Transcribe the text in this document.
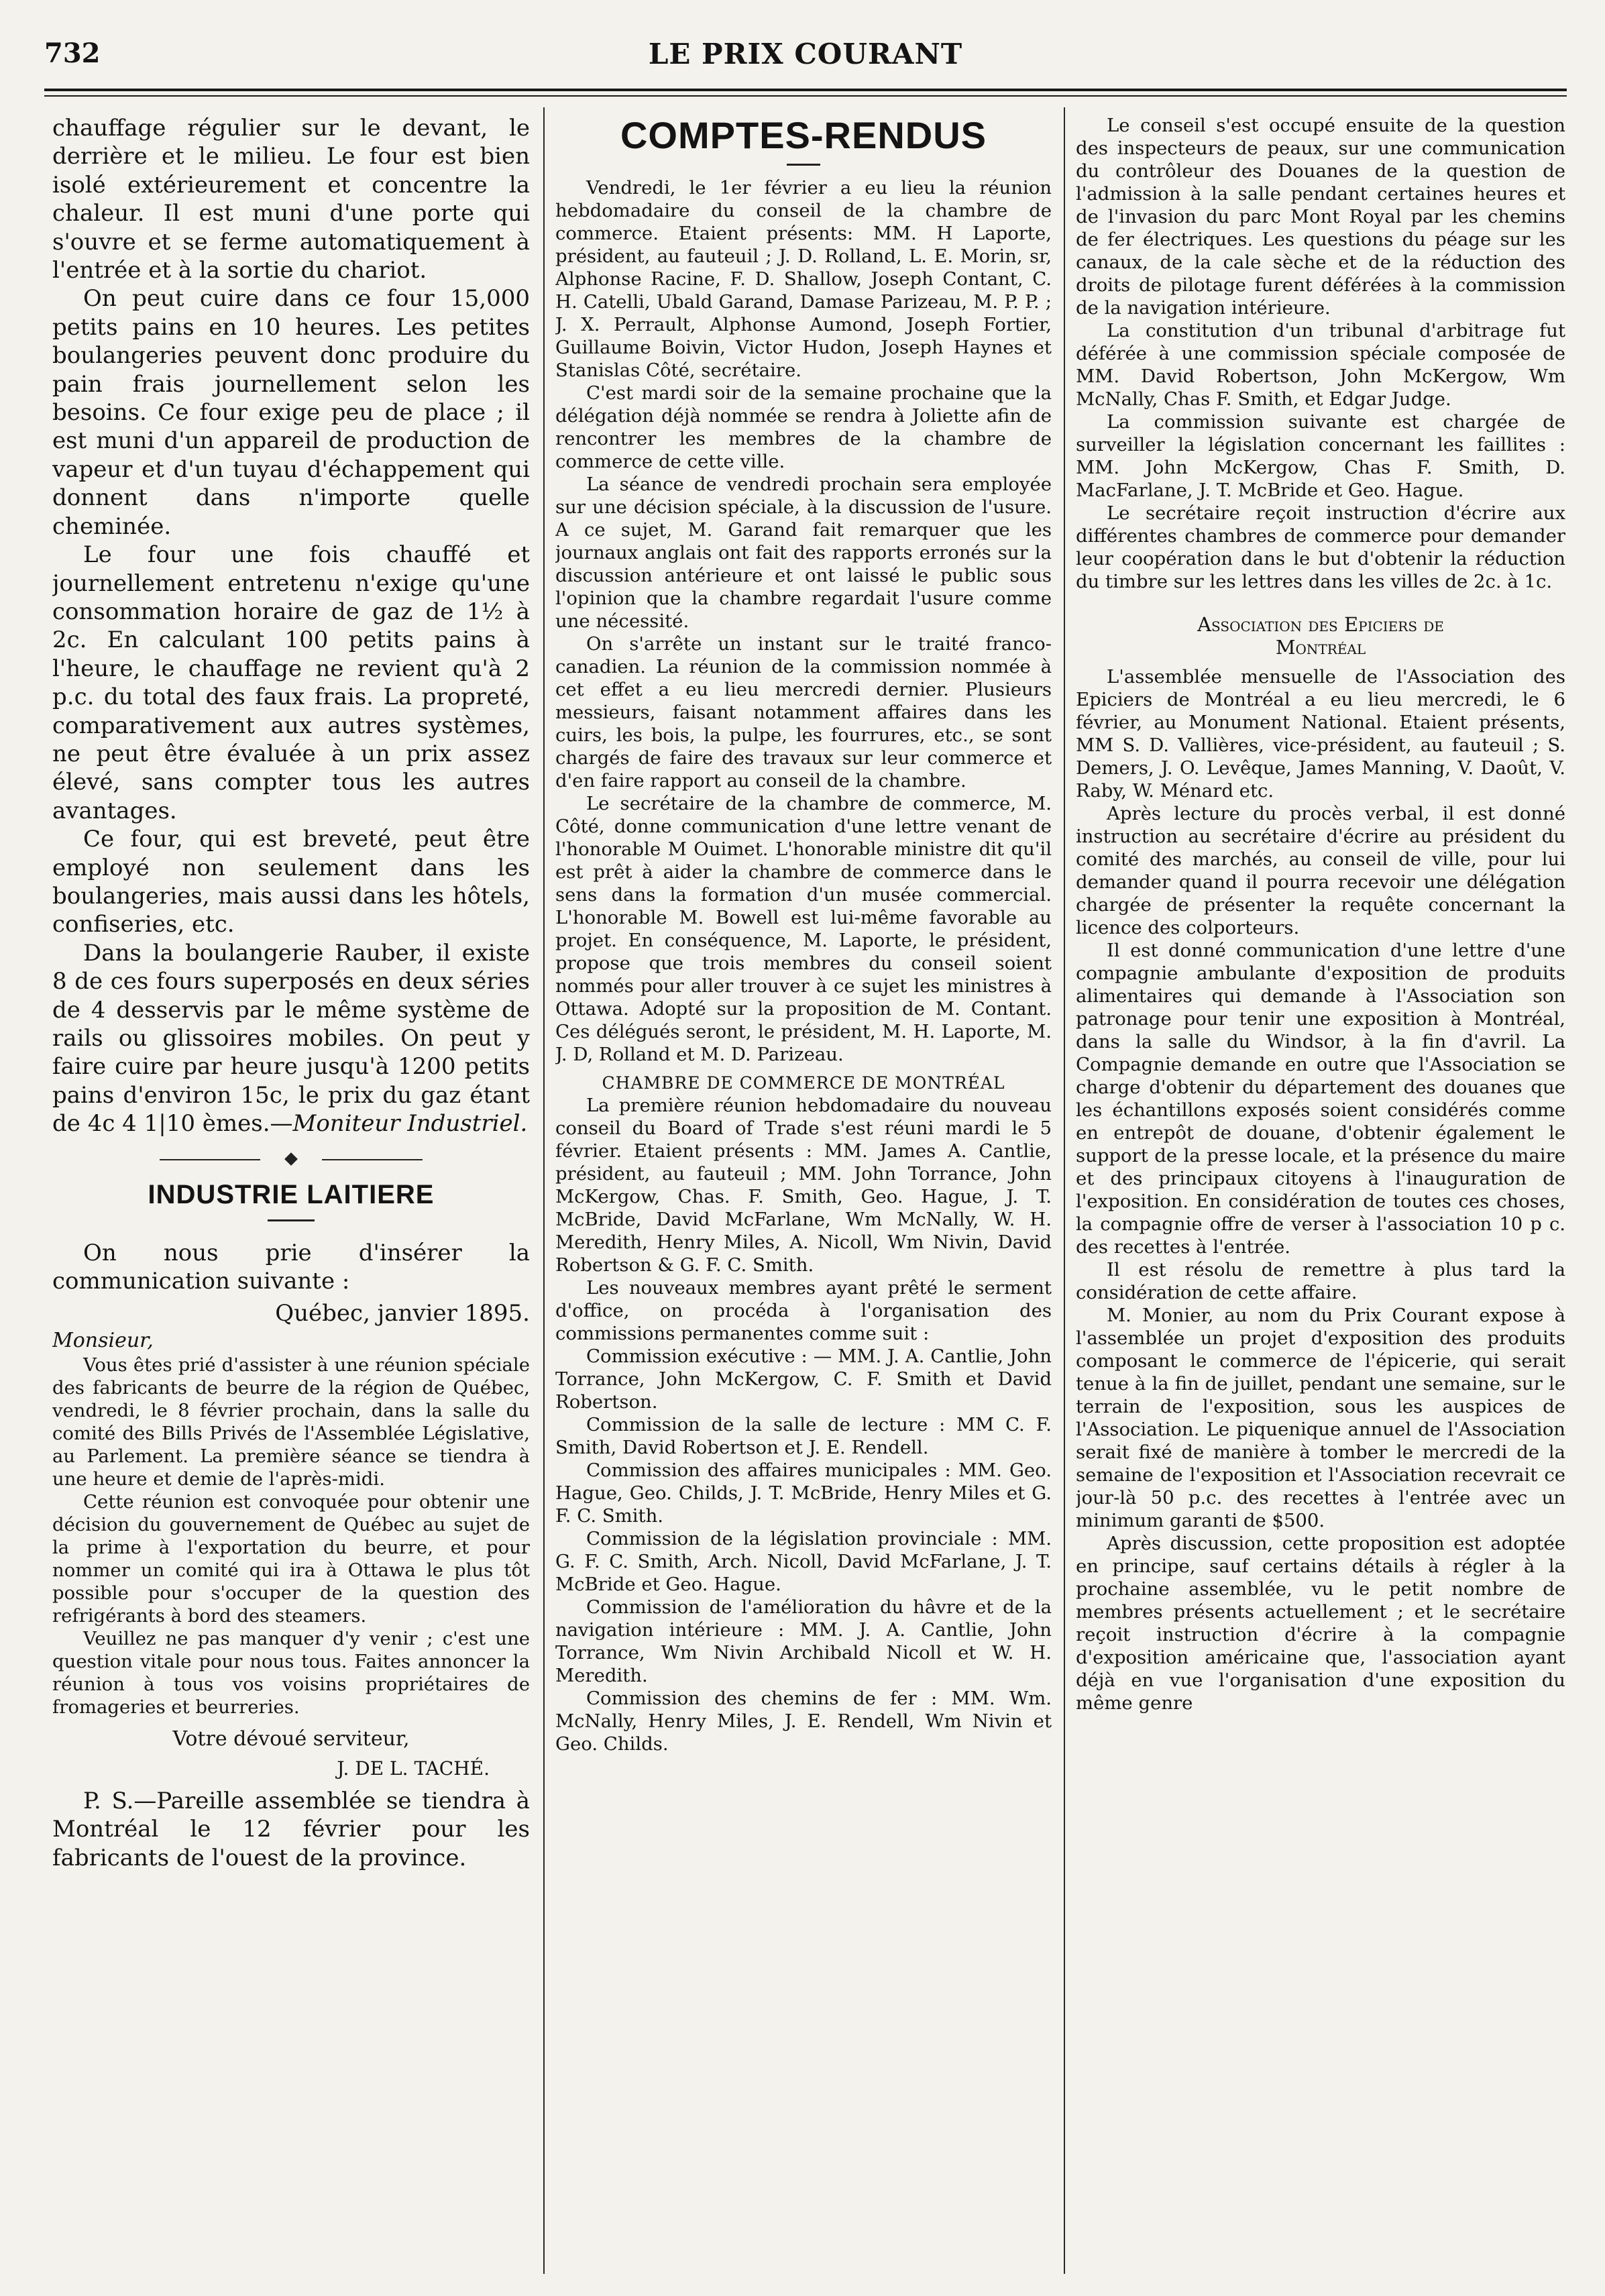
732	LE PRIX COURANT

chauffage régulier sur le devant, le derrière et le milieu. Le four est bien isolé extérieurement et concentre la chaleur. Il est muni d'une porte qui s'ouvre et se ferme automatiquement à l'entrée et à la sortie du chariot.

On peut cuire dans ce four 15,000 petits pains en 10 heures. Les petites boulangeries peuvent donc produire du pain frais journellement selon les besoins. Ce four exige peu de place ; il est muni d'un appareil de production de vapeur et d'un tuyau d'échappement qui donnent dans n'importe quelle cheminée.

Le four une fois chauffé et journellement entretenu n'exige qu'une consommation horaire de gaz de 1½ à 2c. En calculant 100 petits pains à l'heure, le chauffage ne revient qu'à 2 p.c. du total des faux frais. La propreté, comparativement aux autres systèmes, ne peut être évaluée à un prix assez élevé, sans compter tous les autres avantages.

Ce four, qui est breveté, peut être employé non seulement dans les boulangeries, mais aussi dans les hôtels, confiseries, etc.

Dans la boulangerie Rauber, il existe 8 de ces fours superposés en deux séries de 4 desservis par le même système de rails ou glissoires mobiles. On peut y faire cuire par heure jusqu'à 1200 petits pains d'environ 15c, le prix du gaz étant de 4c 4 1|10 èmes.—Moniteur Industriel.

INDUSTRIE LAITIERE

On nous prie d'insérer la communication suivante :

Québec, janvier 1895.

Monsieur,

Vous êtes prié d'assister à une réunion spéciale des fabricants de beurre de la région de Québec, vendredi, le 8 février prochain, dans la salle du comité des Bills Privés de l'Assemblée Législative, au Parlement. La première séance se tiendra à une heure et demie de l'après-midi.

Cette réunion est convoquée pour obtenir une décision du gouvernement de Québec au sujet de la prime à l'exportation du beurre, et pour nommer un comité qui ira à Ottawa le plus tôt possible pour s'occuper de la question des refrigérants à bord des steamers.

Veuillez ne pas manquer d'y venir ; c'est une question vitale pour nous tous. Faites annoncer la réunion à tous vos voisins propriétaires de fromageries et beurreries.

Votre dévoué serviteur,

J. DE L. TACHÉ.

P. S.—Pareille assemblée se tiendra à Montréal le 12 février pour les fabricants de l'ouest de la province.

COMPTES-RENDUS

Vendredi, le 1er février a eu lieu la réunion hebdomadaire du conseil de la chambre de commerce. Etaient présents: MM. H Laporte, président, au fauteuil ; J. D. Rolland, L. E. Morin, sr, Alphonse Racine, F. D. Shallow, Joseph Contant, C. H. Catelli, Ubald Garand, Damase Parizeau, M. P. P. ; J. X. Perrault, Alphonse Aumond, Joseph Fortier, Guillaume Boivin, Victor Hudon, Joseph Haynes et Stanislas Côté, secrétaire.

C'est mardi soir de la semaine prochaine que la délégation déjà nommée se rendra à Joliette afin de rencontrer les membres de la chambre de commerce de cette ville.

La séance de vendredi prochain sera employée sur une décision spéciale, à la discussion de l'usure. A ce sujet, M. Garand fait remarquer que les journaux anglais ont fait des rapports erronés sur la discussion antérieure et ont laissé le public sous l'opinion que la chambre regardait l'usure comme une nécessité.

On s'arrête un instant sur le traité franco-canadien. La réunion de la commission nommée à cet effet a eu lieu mercredi dernier. Plusieurs messieurs, faisant notamment affaires dans les cuirs, les bois, la pulpe, les fourrures, etc., se sont chargés de faire des travaux sur leur commerce et d'en faire rapport au conseil de la chambre.

Le secrétaire de la chambre de commerce, M. Côté, donne communication d'une lettre venant de l'honorable M Ouimet. L'honorable ministre dit qu'il est prêt à aider la chambre de commerce dans le sens dans la formation d'un musée commercial. L'honorable M. Bowell est lui-même favorable au projet. En conséquence, M. Laporte, le président, propose que trois membres du conseil soient nommés pour aller trouver à ce sujet les ministres à Ottawa. Adopté sur la proposition de M. Contant. Ces délégués seront, le président, M. H. Laporte, M. J. D, Rolland et M. D. Parizeau.

CHAMBRE DE COMMERCE DE MONTRÉAL

La première réunion hebdomadaire du nouveau conseil du Board of Trade s'est réuni mardi le 5 février. Etaient présents : MM. James A. Cantlie, président, au fauteuil ; MM. John Torrance, John McKergow, Chas. F. Smith, Geo. Hague, J. T. McBride, David McFarlane, Wm McNally, W. H. Meredith, Henry Miles, A. Nicoll, Wm Nivin, David Robertson & G. F. C. Smith.

Les nouveaux membres ayant prêté le serment d'office, on procéda à l'organisation des commissions permanentes comme suit :

Commission exécutive : — MM. J. A. Cantlie, John Torrance, John McKergow, C. F. Smith et David Robertson.

Commission de la salle de lecture : MM C. F. Smith, David Robertson et J. E. Rendell.

Commission des affaires municipales : MM. Geo. Hague, Geo. Childs, J. T. McBride, Henry Miles et G. F. C. Smith.

Commission de la législation provinciale : MM. G. F. C. Smith, Arch. Nicoll, David McFarlane, J. T. McBride et Geo. Hague.

Commission de l'amélioration du hâvre et de la navigation intérieure : MM. J. A. Cantlie, John Torrance, Wm Nivin Archibald Nicoll et W. H. Meredith.

Commission des chemins de fer : MM. Wm. McNally, Henry Miles, J. E. Rendell, Wm Nivin et Geo. Childs.

Le conseil s'est occupé ensuite de la question des inspecteurs de peaux, sur une communication du contrôleur des Douanes de la question de l'admission à la salle pendant certaines heures et de l'invasion du parc Mont Royal par les chemins de fer électriques. Les questions du péage sur les canaux, de la cale sèche et de la réduction des droits de pilotage furent déférées à la commission de la navigation intérieure.

La constitution d'un tribunal d'arbitrage fut déférée à une commission spéciale composée de MM. David Robertson, John McKergow, Wm McNally, Chas F. Smith, et Edgar Judge.

La commission suivante est chargée de surveiller la législation concernant les faillites : MM. John McKergow, Chas F. Smith, D. MacFarlane, J. T. McBride et Geo. Hague.

Le secrétaire reçoit instruction d'écrire aux différentes chambres de commerce pour demander leur coopération dans le but d'obtenir la réduction du timbre sur les lettres dans les villes de 2c. à 1c.

Association des Epiciers de

Montréal

L'assemblée mensuelle de l'Association des Epiciers de Montréal a eu lieu mercredi, le 6 février, au Monument National. Etaient présents, MM S. D. Vallières, vice-président, au fauteuil ; S. Demers, J. O. Levêque, James Manning, V. Daoût, V. Raby, W. Ménard etc.

Après lecture du procès verbal, il est donné instruction au secrétaire d'écrire au président du comité des marchés, au conseil de ville, pour lui demander quand il pourra recevoir une délégation chargée de présenter la requête concernant la licence des colporteurs.

Il est donné communication d'une lettre d'une compagnie ambulante d'exposition de produits alimentaires qui demande à l'Association son patronage pour tenir une exposition à Montréal, dans la salle du Windsor, à la fin d'avril. La Compagnie demande en outre que l'Association se charge d'obtenir du département des douanes que les échantillons exposés soient considérés comme en entrepôt de douane, d'obtenir également le support de la presse locale, et la présence du maire et des principaux citoyens à l'inauguration de l'exposition. En considération de toutes ces choses, la compagnie offre de verser à l'association 10 p c. des recettes à l'entrée.

Il est résolu de remettre à plus tard la considération de cette affaire.

M. Monier, au nom du Prix Courant expose à l'assemblée un projet d'exposition des produits composant le commerce de l'épicerie, qui serait tenue à la fin de juillet, pendant une semaine, sur le terrain de l'exposition, sous les auspices de l'Association. Le piquenique annuel de l'Association serait fixé de manière à tomber le mercredi de la semaine de l'exposition et l'Association recevrait ce jour-là 50 p.c. des recettes à l'entrée avec un minimum garanti de $500.

Après discussion, cette proposition est adoptée en principe, sauf certains détails à régler à la prochaine assemblée, vu le petit nombre de membres présents actuellement ; et le secrétaire reçoit instruction d'écrire à la compagnie d'exposition américaine que, l'association ayant déjà en vue l'organisation d'une exposition du même genre
